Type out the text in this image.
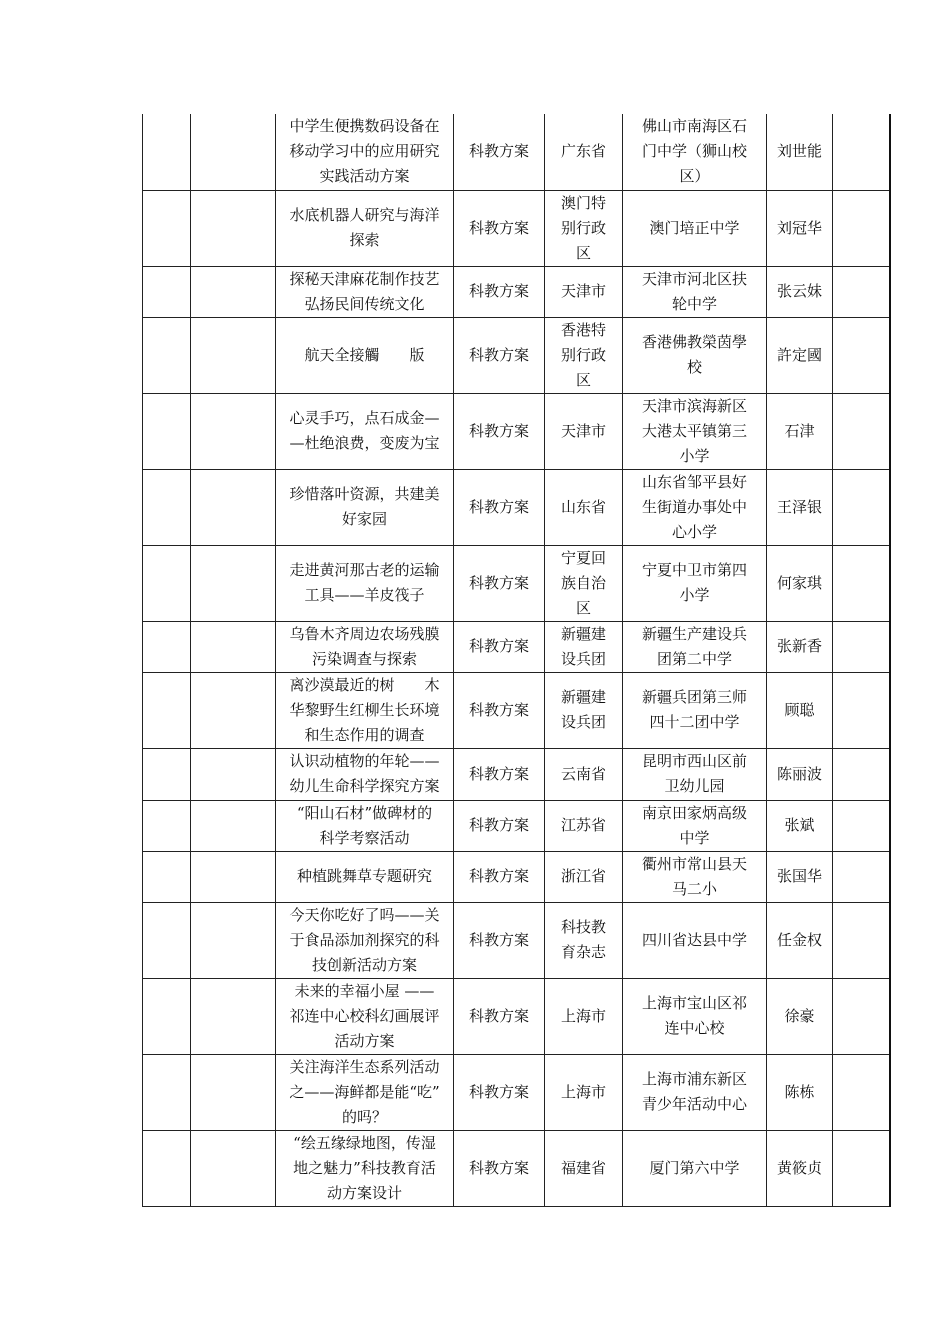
		中学生便携数码设备在
移动学习中的应用研究
实践活动方案	科教方案	广东省	佛山市南海区石
门中学（狮山校
区）	刘世能	
		水底机器人研究与海洋
探索	科教方案	澳门特
别行政
区	澳门培正中学	刘冠华	
		探秘天津麻花制作技艺
弘扬民间传统文化	科教方案	天津市	天津市河北区扶
轮中学	张云妹	
		航天全接觸　　版	科教方案	香港特
别行政
区	香港佛教榮茵學
校	許定國	
		心灵手巧，点石成金—
—杜绝浪费，变废为宝	科教方案	天津市	天津市滨海新区
大港太平镇第三
小学	石津	
		珍惜落叶资源，共建美
好家园	科教方案	山东省	山东省邹平县好
生街道办事处中
心小学	王泽银	
		走进黄河那古老的运输
工具——羊皮筏子	科教方案	宁夏回
族自治
区	宁夏中卫市第四
小学	何家琪	
		乌鲁木齐周边农场残膜
污染调查与探索	科教方案	新疆建
设兵团	新疆生产建设兵
团第二中学	张新香	
		离沙漠最近的树　　木
华黎野生红柳生长环境
和生态作用的调查	科教方案	新疆建
设兵团	新疆兵团第三师
四十二团中学	顾聪	
		认识动植物的年轮——
幼儿生命科学探究方案	科教方案	云南省	昆明市西山区前
卫幼儿园	陈丽波	
		“阳山石材”做碑材的
科学考察活动	科教方案	江苏省	南京田家炳高级
中学	张斌	
		种植跳舞草专题研究	科教方案	浙江省	衢州市常山县天
马二小	张国华	
		今天你吃好了吗——关
于食品添加剂探究的科
技创新活动方案	科教方案	科技教
育杂志	四川省达县中学	任金权	
		未来的幸福小屋 ——
祁连中心校科幻画展评
活动方案	科教方案	上海市	上海市宝山区祁
连中心校	徐豪	
		关注海洋生态系列活动
之——海鲜都是能“吃”
的吗？	科教方案	上海市	上海市浦东新区
青少年活动中心	陈栋	
		“绘五缘绿地图，传湿
地之魅力”科技教育活
动方案设计	科教方案	福建省	厦门第六中学	黄筱贞	
